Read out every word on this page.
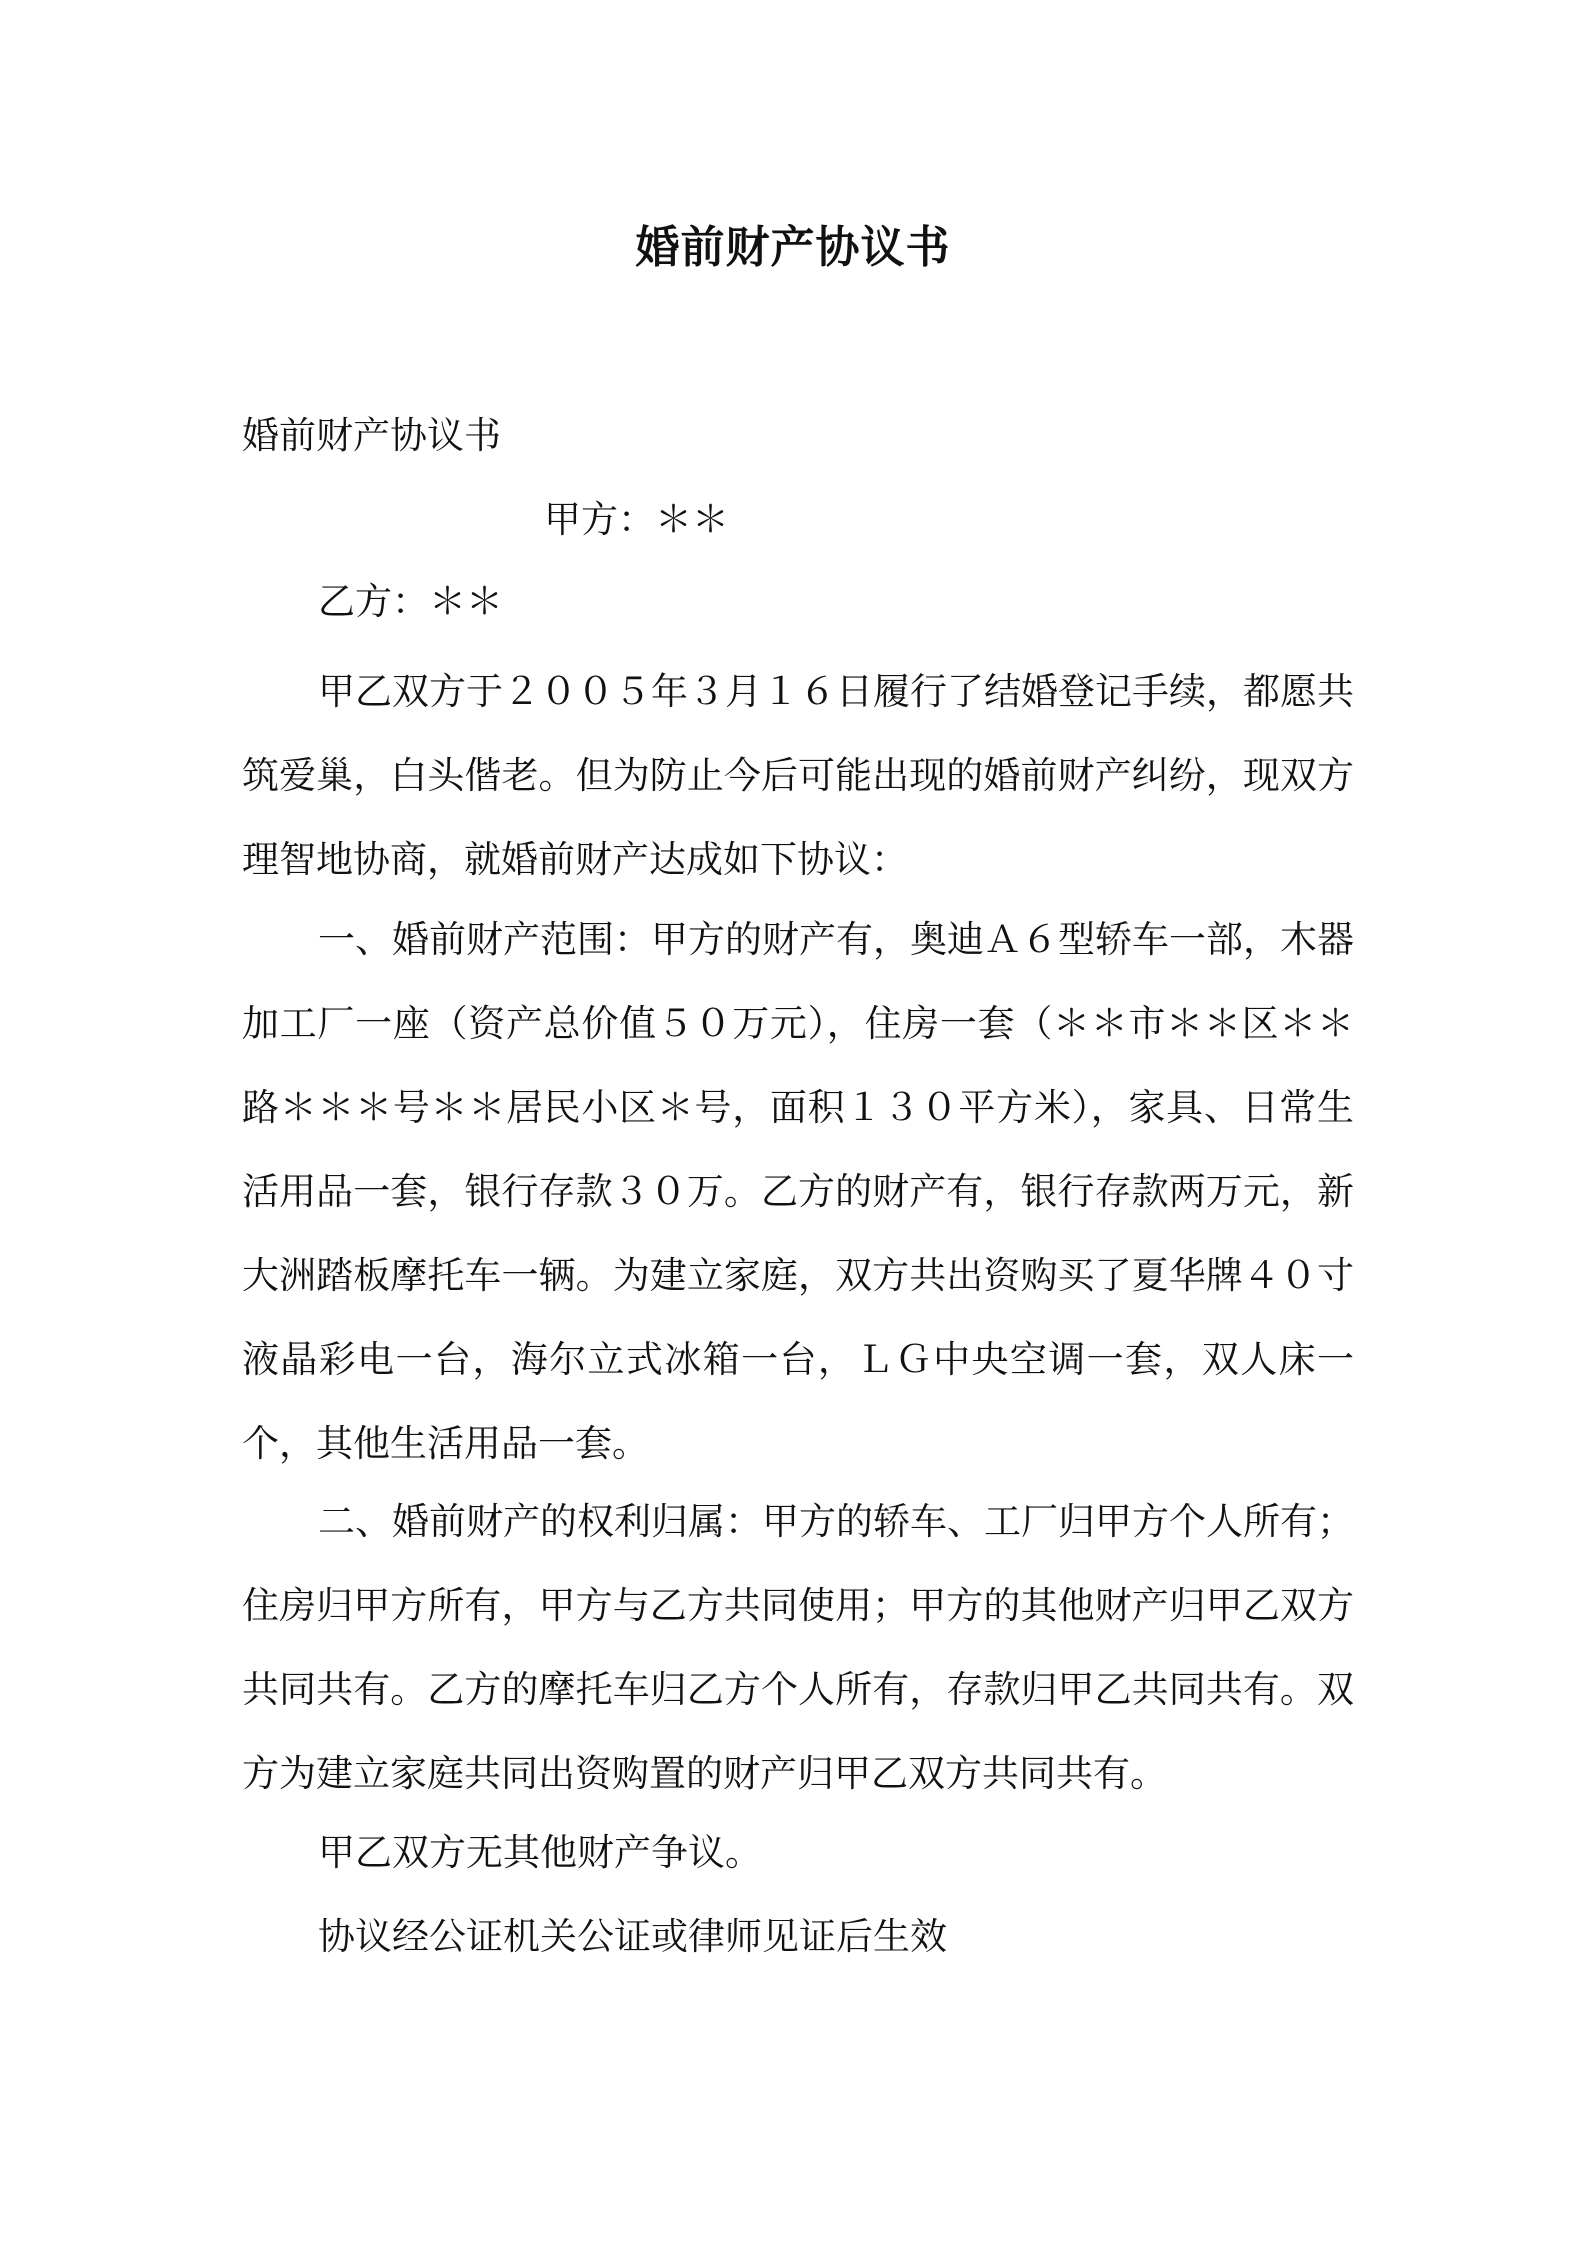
婚前财产协议书
婚前财产协议书
甲方：＊＊
乙方：＊＊

甲乙双方于２００５年３月１６日履行了结婚登记手续，都愿共筑爱巢，白头偕老。但为防止今后可能出现的婚前财产纠纷，现双方理智地协商，就婚前财产达成如下协议：

一、婚前财产范围：甲方的财产有，奥迪Ａ６型轿车一部，木器加工厂一座（资产总价值５０万元），住房一套（＊＊市＊＊区＊＊路＊＊＊号＊＊居民小区＊号，面积１３０平方米），家具、日常生活用品一套，银行存款３０万。乙方的财产有，银行存款两万元，新大洲踏板摩托车一辆。为建立家庭，双方共出资购买了夏华牌４０寸液晶彩电一台，海尔立式冰箱一台，ＬＧ中央空调一套，双人床一个，其他生活用品一套。

二、婚前财产的权利归属：甲方的轿车、工厂归甲方个人所有；住房归甲方所有，甲方与乙方共同使用；甲方的其他财产归甲乙双方共同共有。乙方的摩托车归乙方个人所有，存款归甲乙共同共有。双方为建立家庭共同出资购置的财产归甲乙双方共同共有。

甲乙双方无其他财产争议。

协议经公证机关公证或律师见证后生效
